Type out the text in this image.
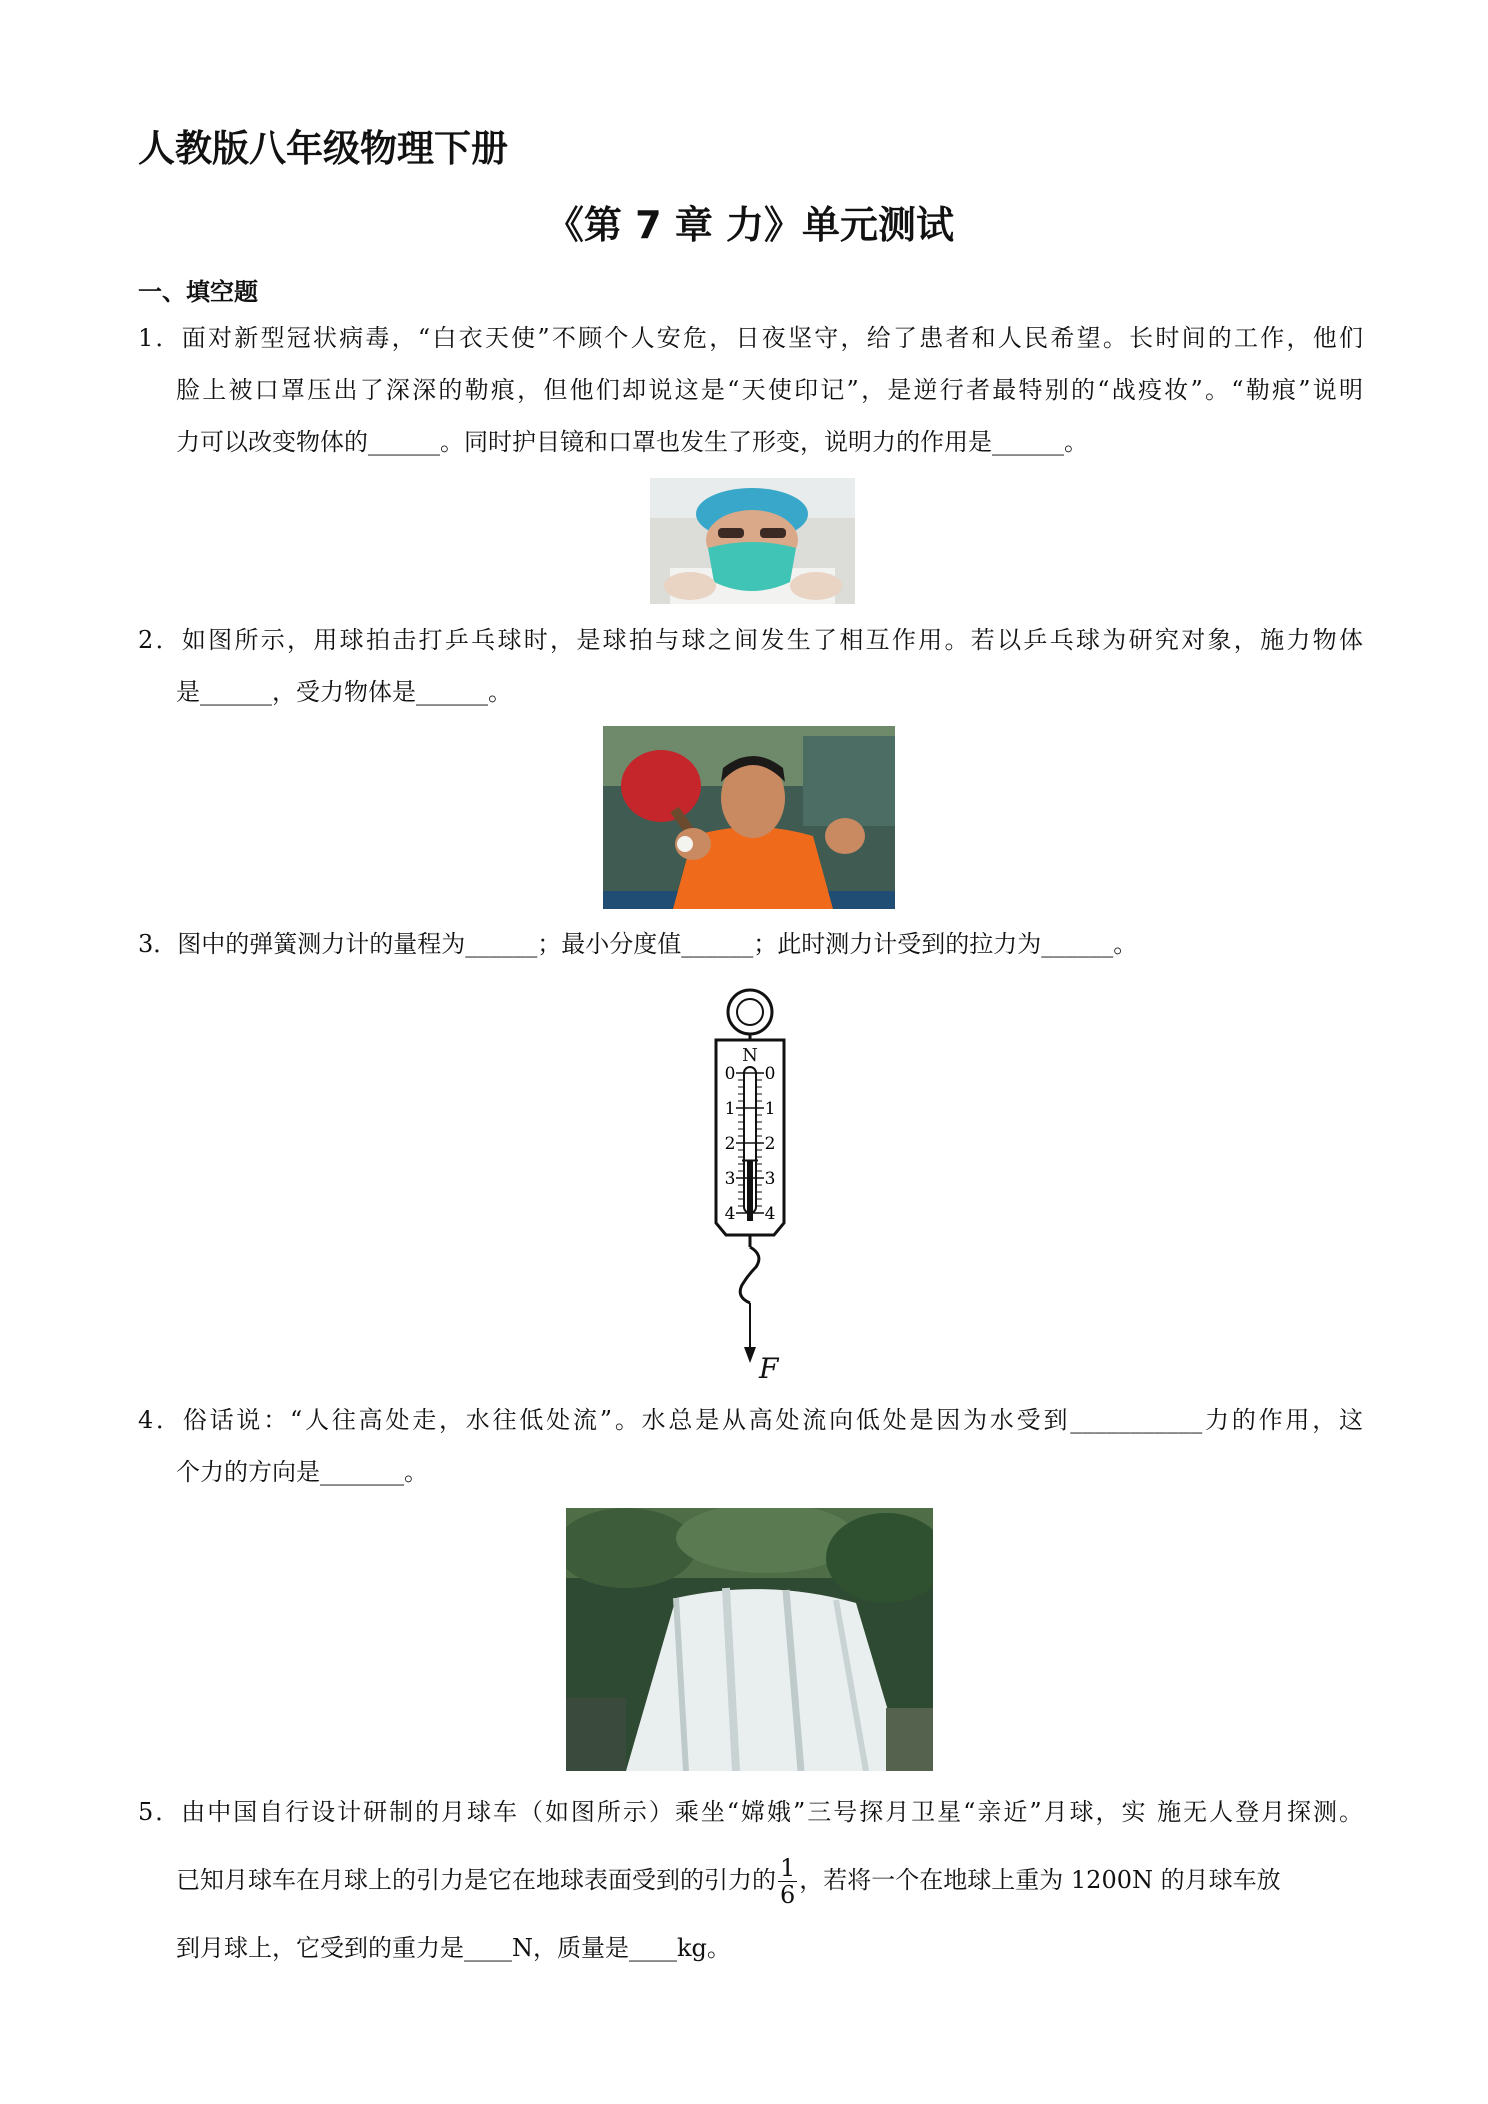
人教版八年级物理下册
《第 7 章 力》单元测试
一、填空题
1．面对新型冠状病毒，“白衣天使”不顾个人安危，日夜坚守，给了患者和人民希望。长时间的工作，他们
脸上被口罩压出了深深的勒痕，但他们却说这是“天使印记”，是逆行者最特别的“战疫妆”。“勒痕”说明
力可以改变物体的______。同时护目镜和口罩也发生了形变，说明力的作用是______。
2．如图所示，用球拍击打乒乓球时，是球拍与球之间发生了相互作用。若以乒乓球为研究对象，施力物体
是______，受力物体是______。
3．图中的弹簧测力计的量程为______；最小分度值______；此时测力计受到的拉力为______。
N
0 0
1 1
2 2
3 3
4 4
F
4．俗话说：“人往高处走，水往低处流”。水总是从高处流向低处是因为水受到___________力的作用，这
个力的方向是_______。
5．由中国自行设计研制的月球车（如图所示）乘坐“嫦娥”三号探月卫星“亲近”月球，实 施无人登月探测。
已知月球车在月球上的引力是它在地球表面受到的引力的 $\frac{1}{6}$ ，若将一个在地球上重为 1200N 的月球车放
到月球上，它受到的重力是____N，质量是____kg。
